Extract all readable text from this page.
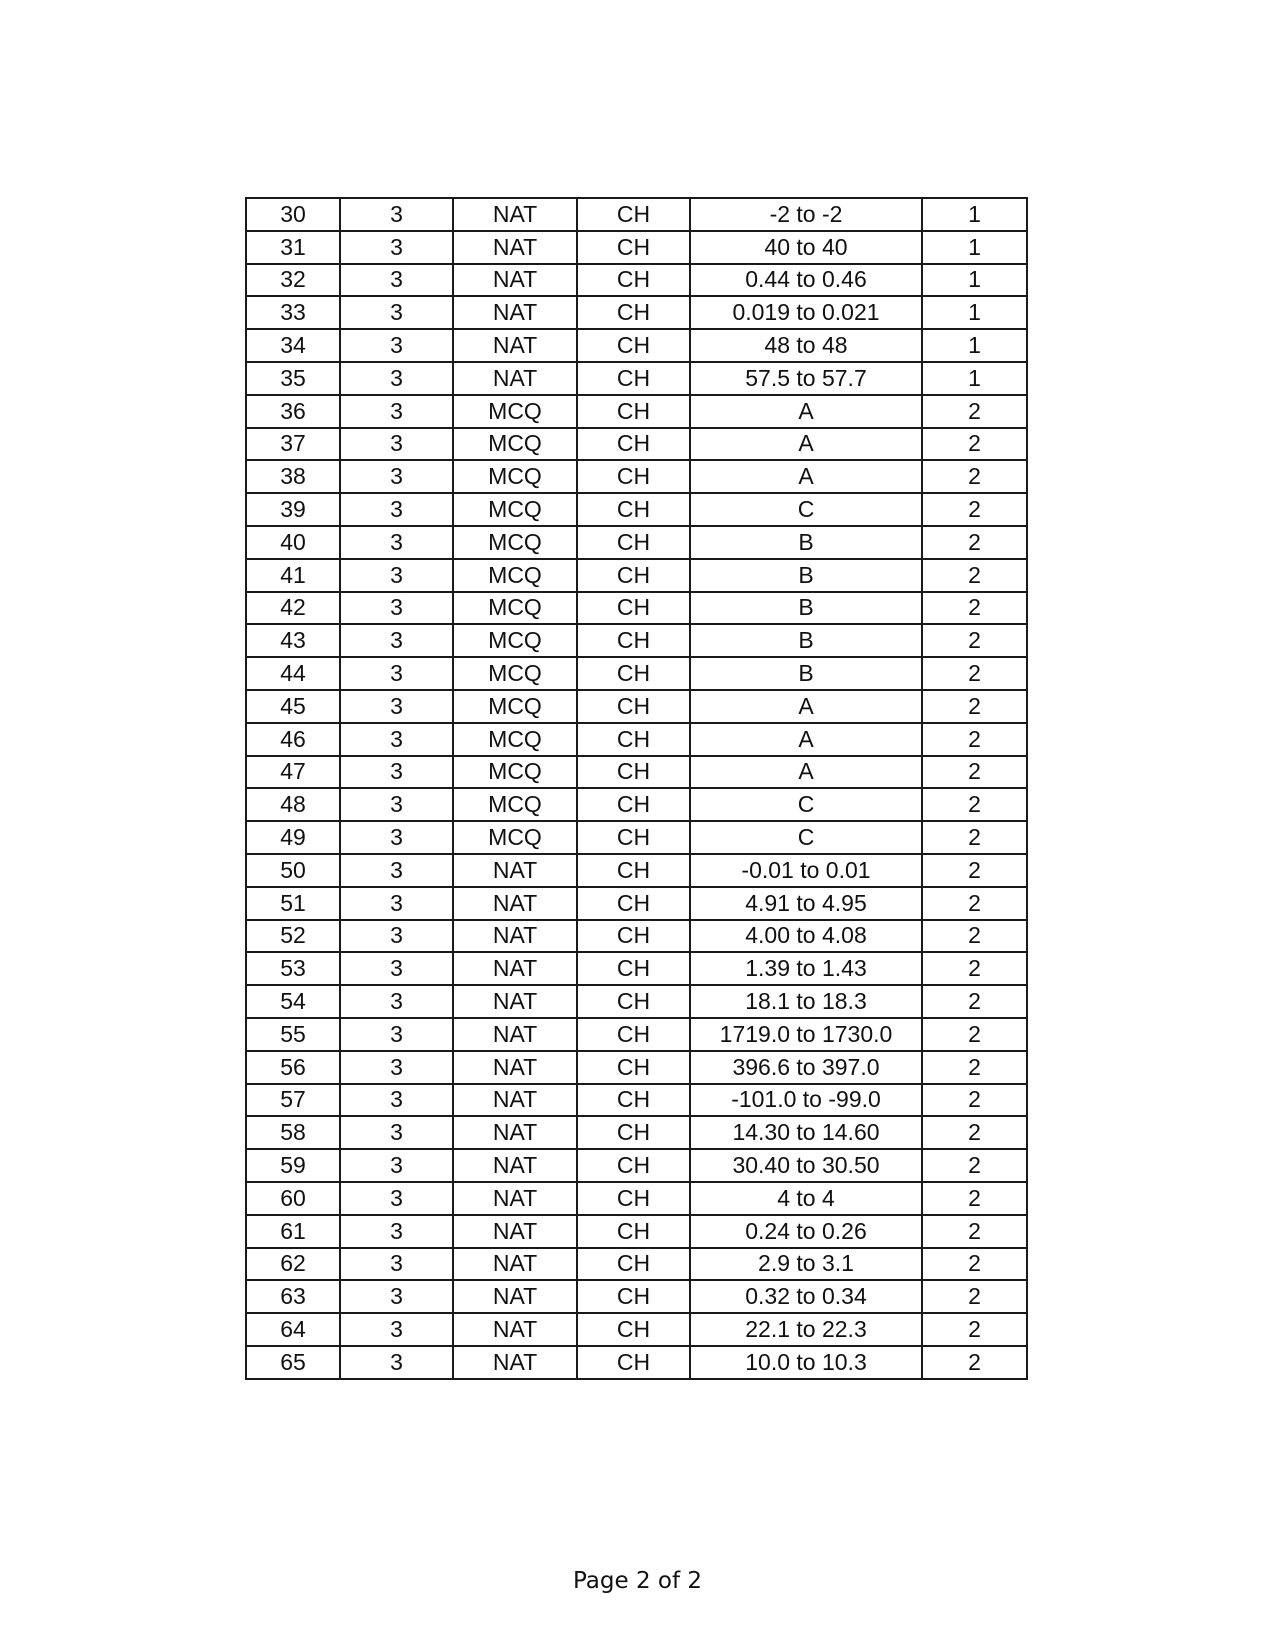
30	3	NAT	CH	-2 to -2	1
31	3	NAT	CH	40 to 40	1
32	3	NAT	CH	0.44 to 0.46	1
33	3	NAT	CH	0.019 to 0.021	1
34	3	NAT	CH	48 to 48	1
35	3	NAT	CH	57.5 to 57.7	1
36	3	MCQ	CH	A	2
37	3	MCQ	CH	A	2
38	3	MCQ	CH	A	2
39	3	MCQ	CH	C	2
40	3	MCQ	CH	B	2
41	3	MCQ	CH	B	2
42	3	MCQ	CH	B	2
43	3	MCQ	CH	B	2
44	3	MCQ	CH	B	2
45	3	MCQ	CH	A	2
46	3	MCQ	CH	A	2
47	3	MCQ	CH	A	2
48	3	MCQ	CH	C	2
49	3	MCQ	CH	C	2
50	3	NAT	CH	-0.01 to 0.01	2
51	3	NAT	CH	4.91 to 4.95	2
52	3	NAT	CH	4.00 to 4.08	2
53	3	NAT	CH	1.39 to 1.43	2
54	3	NAT	CH	18.1 to 18.3	2
55	3	NAT	CH	1719.0 to 1730.0	2
56	3	NAT	CH	396.6 to 397.0	2
57	3	NAT	CH	-101.0 to -99.0	2
58	3	NAT	CH	14.30 to 14.60	2
59	3	NAT	CH	30.40 to 30.50	2
60	3	NAT	CH	4 to 4	2
61	3	NAT	CH	0.24 to 0.26	2
62	3	NAT	CH	2.9 to 3.1	2
63	3	NAT	CH	0.32 to 0.34	2
64	3	NAT	CH	22.1 to 22.3	2
65	3	NAT	CH	10.0 to 10.3	2
Page 2 of 2
